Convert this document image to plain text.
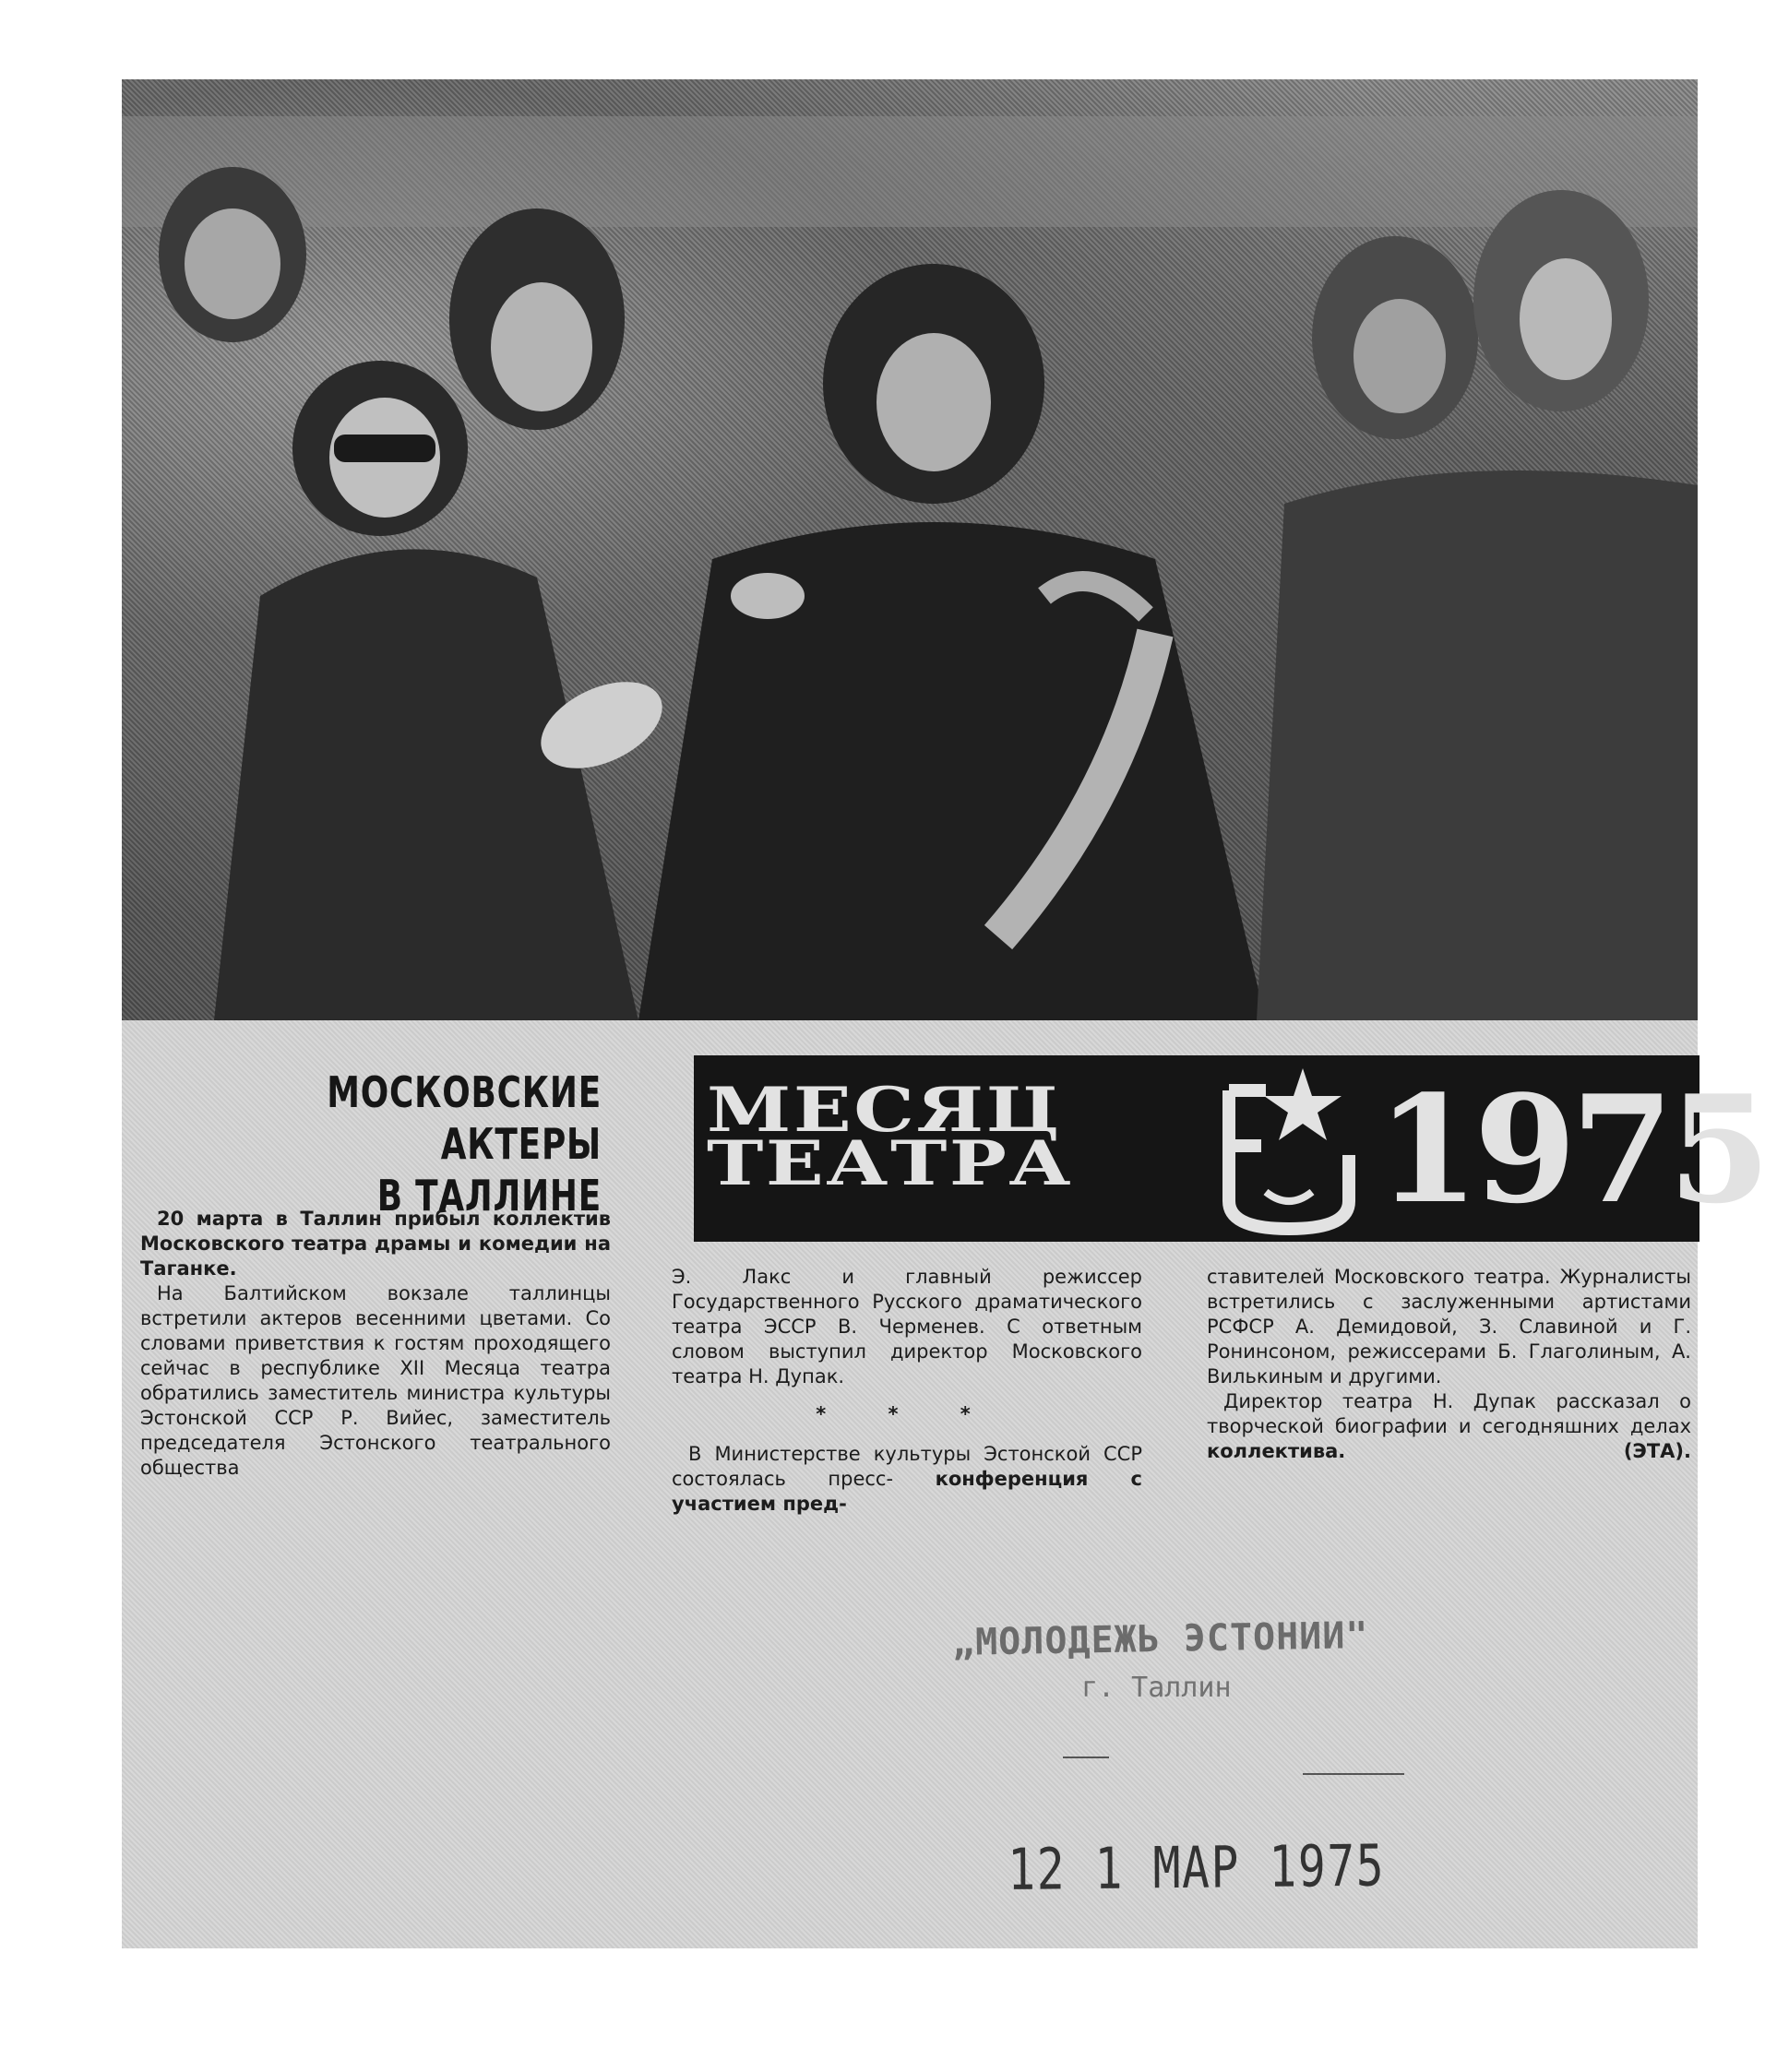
МОСКОВСКИЕ АКТЕРЫ
В ТАЛЛИНЕ
МЕСЯЦ
ТЕАТРА	1975

20 марта в Таллин прибыл коллектив Московского театра драмы и комедии на Таганке.

На Балтийском вокзале таллинцы встретили актеров весенними цветами. Со словами приветствия к гостям проходящего сейчас в республике XII Месяца театра обратились заместитель министра культуры Эстонской ССР Р. Вийес, заместитель председателя Эстонского театрального общества

Э. Лакс и главный режиссер Государственного Русского драматического театра ЭССР В. Черменев. С ответным словом выступил директор Московского театра Н. Дупак.

* * *

В Министерстве культуры Эстонской ССР состоялась пресс- конференция с участием пред-

ставителей Московского театра. Журналисты встретились с заслуженными артистами РСФСР А. Демидовой, З. Славиной и Г. Ронинсоном, режиссерами Б. Глаголиным, А. Вилькиным и другими.

Директор театра Н. Дупак рассказал о творческой биографии и сегодняшних делах коллектива.	(ЭТА).

„МОЛОДЕЖЬ ЭСТОНИИ"
г. Таллин
12 1 МАР 1975
